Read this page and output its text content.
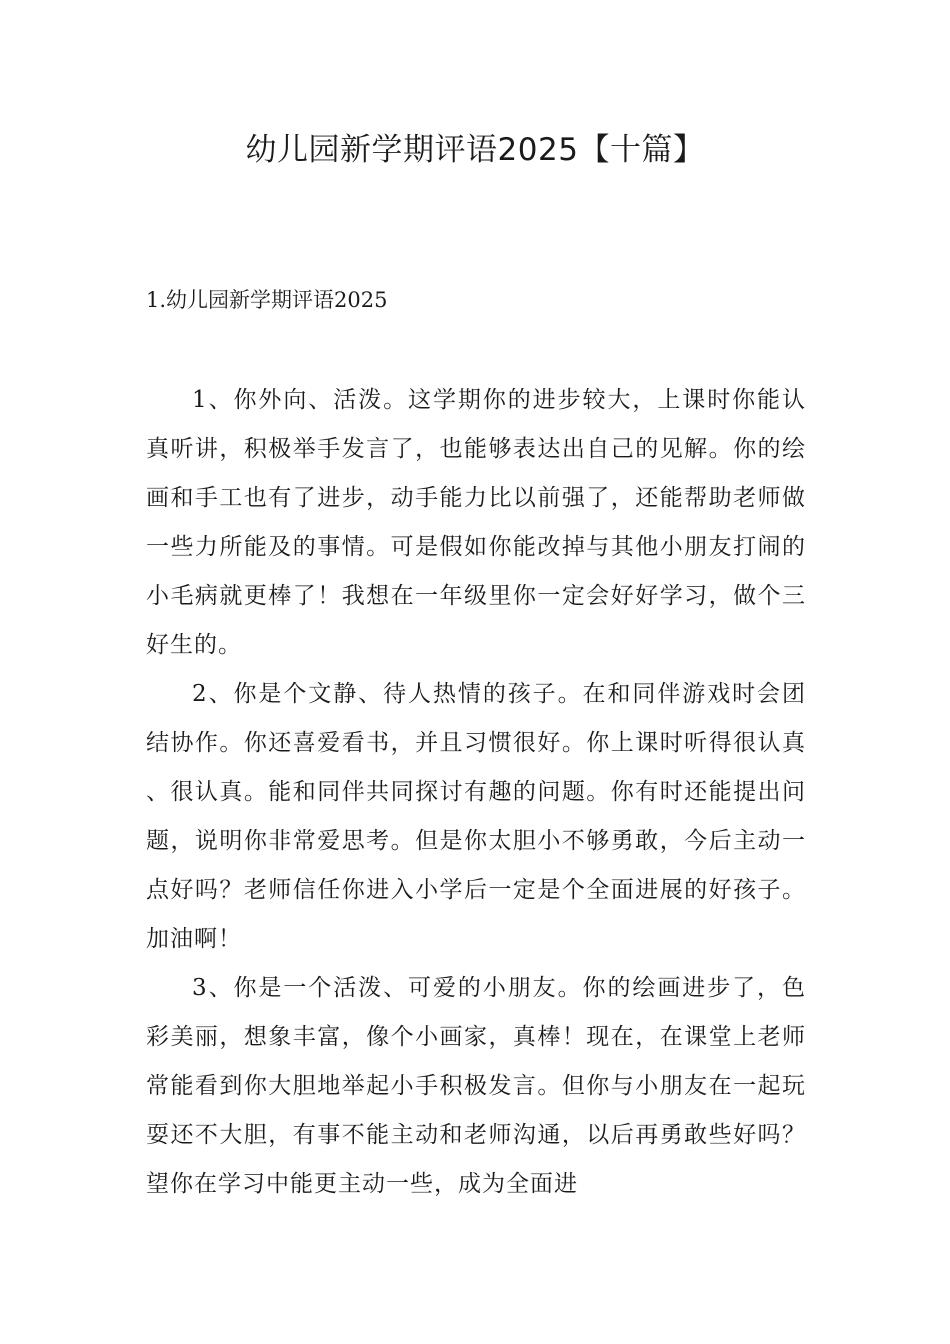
幼儿园新学期评语2025【十篇】
1.幼儿园新学期评语2025

1、你外向、活泼。这学期你的进步较大，上课时你能认真听讲，积极举手发言了，也能够表达出自己的见解。你的绘画和手工也有了进步，动手能力比以前强了，还能帮助老师做一些力所能及的事情。可是假如你能改掉与其他小朋友打闹的小毛病就更棒了！我想在一年级里你一定会好好学习，做个三好生的。

2、你是个文静、待人热情的孩子。在和同伴游戏时会团结协作。你还喜爱看书，并且习惯很好。你上课时听得很认真、很认真。能和同伴共同探讨有趣的问题。你有时还能提出问题，说明你非常爱思考。但是你太胆小不够勇敢，今后主动一点好吗？老师信任你进入小学后一定是个全面进展的好孩子。加油啊！

3、你是一个活泼、可爱的小朋友。你的绘画进步了，色彩美丽，想象丰富，像个小画家，真棒！现在，在课堂上老师常能看到你大胆地举起小手积极发言。但你与小朋友在一起玩耍还不大胆，有事不能主动和老师沟通，以后再勇敢些好吗？望你在学习中能更主动一些，成为全面进
